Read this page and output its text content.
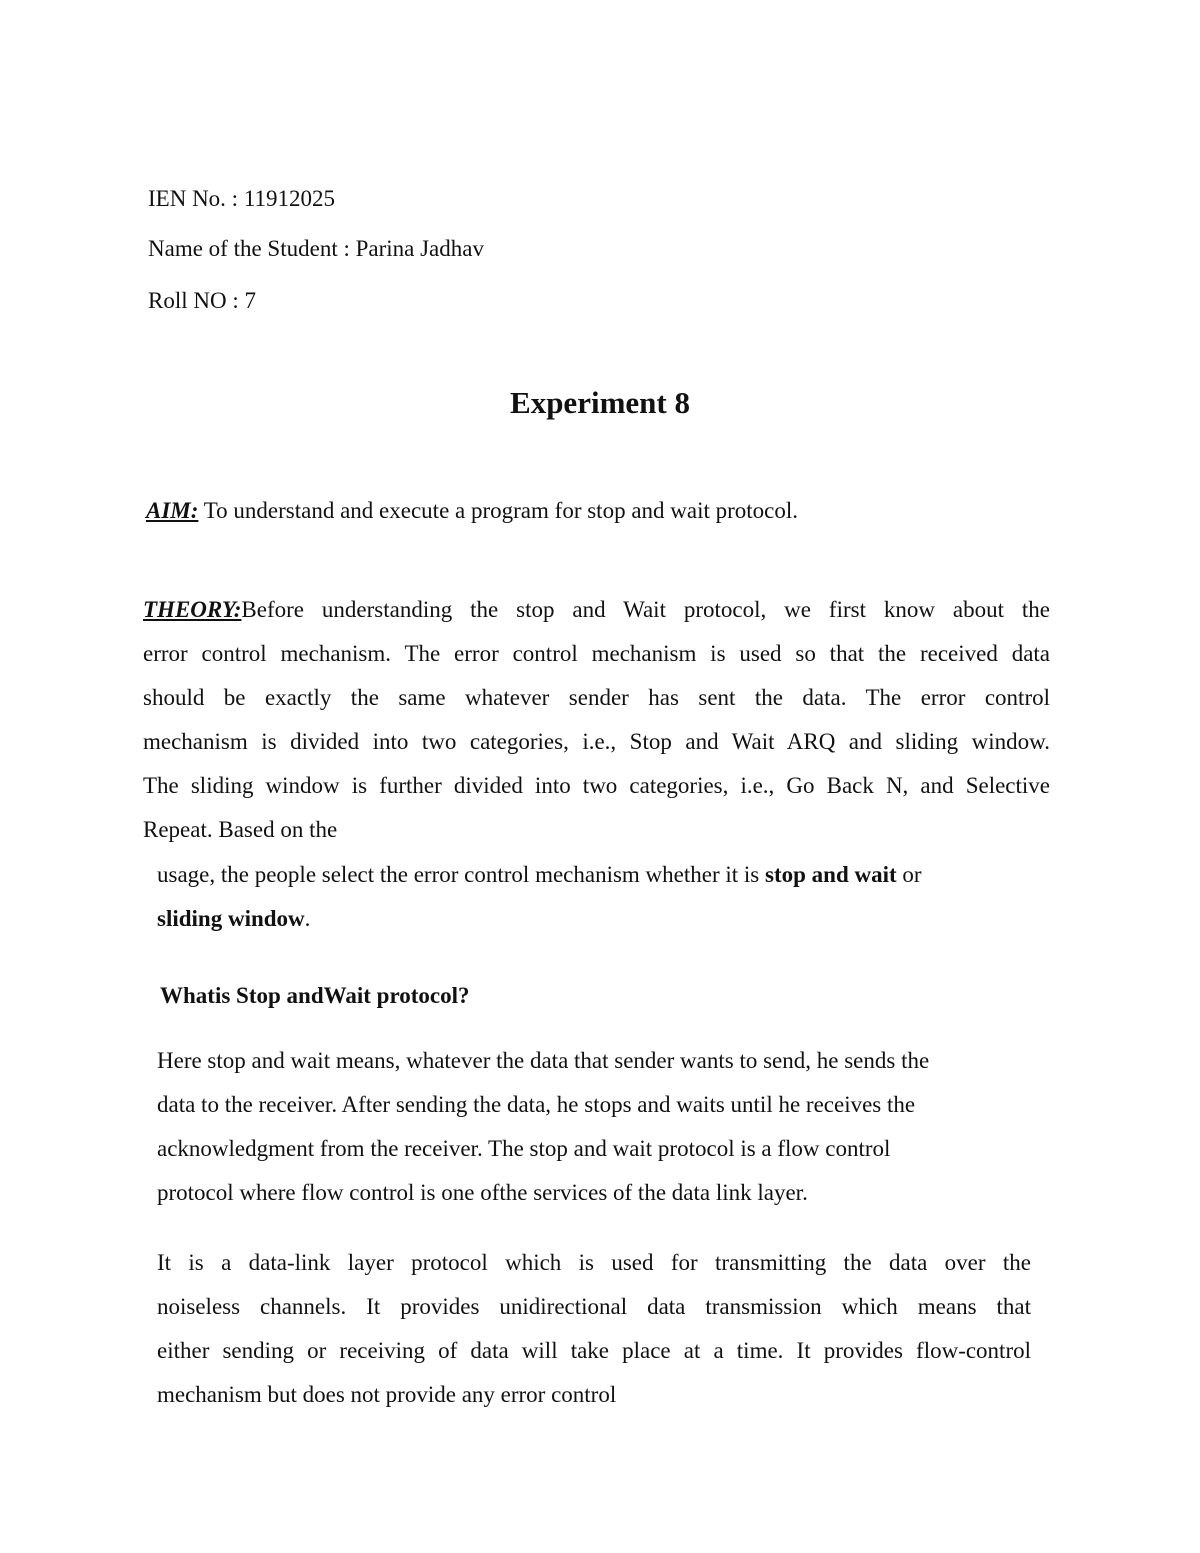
IEN No. : 11912025
Name of the Student : Parina Jadhav
Roll NO : 7
Experiment 8
AIM: To understand and execute a program for stop and wait protocol.
THEORY:Before understanding the stop and Wait protocol, we first know about the
error control mechanism. The error control mechanism is used so that the received data
should be exactly the same whatever sender has sent the data. The error control
mechanism is divided into two categories, i.e., Stop and Wait ARQ and sliding window.
The sliding window is further divided into two categories, i.e., Go Back N, and Selective
Repeat. Based on the
usage, the people select the error control mechanism whether it is stop and wait or
sliding window.
Whatis Stop andWait protocol?
Here stop and wait means, whatever the data that sender wants to send, he sends the
data to the receiver. After sending the data, he stops and waits until he receives the
acknowledgment from the receiver. The stop and wait protocol is a flow control
protocol where flow control is one ofthe services of the data link layer.
It is a data-link layer protocol which is used for transmitting the data over the
noiseless channels. It provides unidirectional data transmission which means that
either sending or receiving of data will take place at a time. It provides flow-control
mechanism but does not provide any error control
